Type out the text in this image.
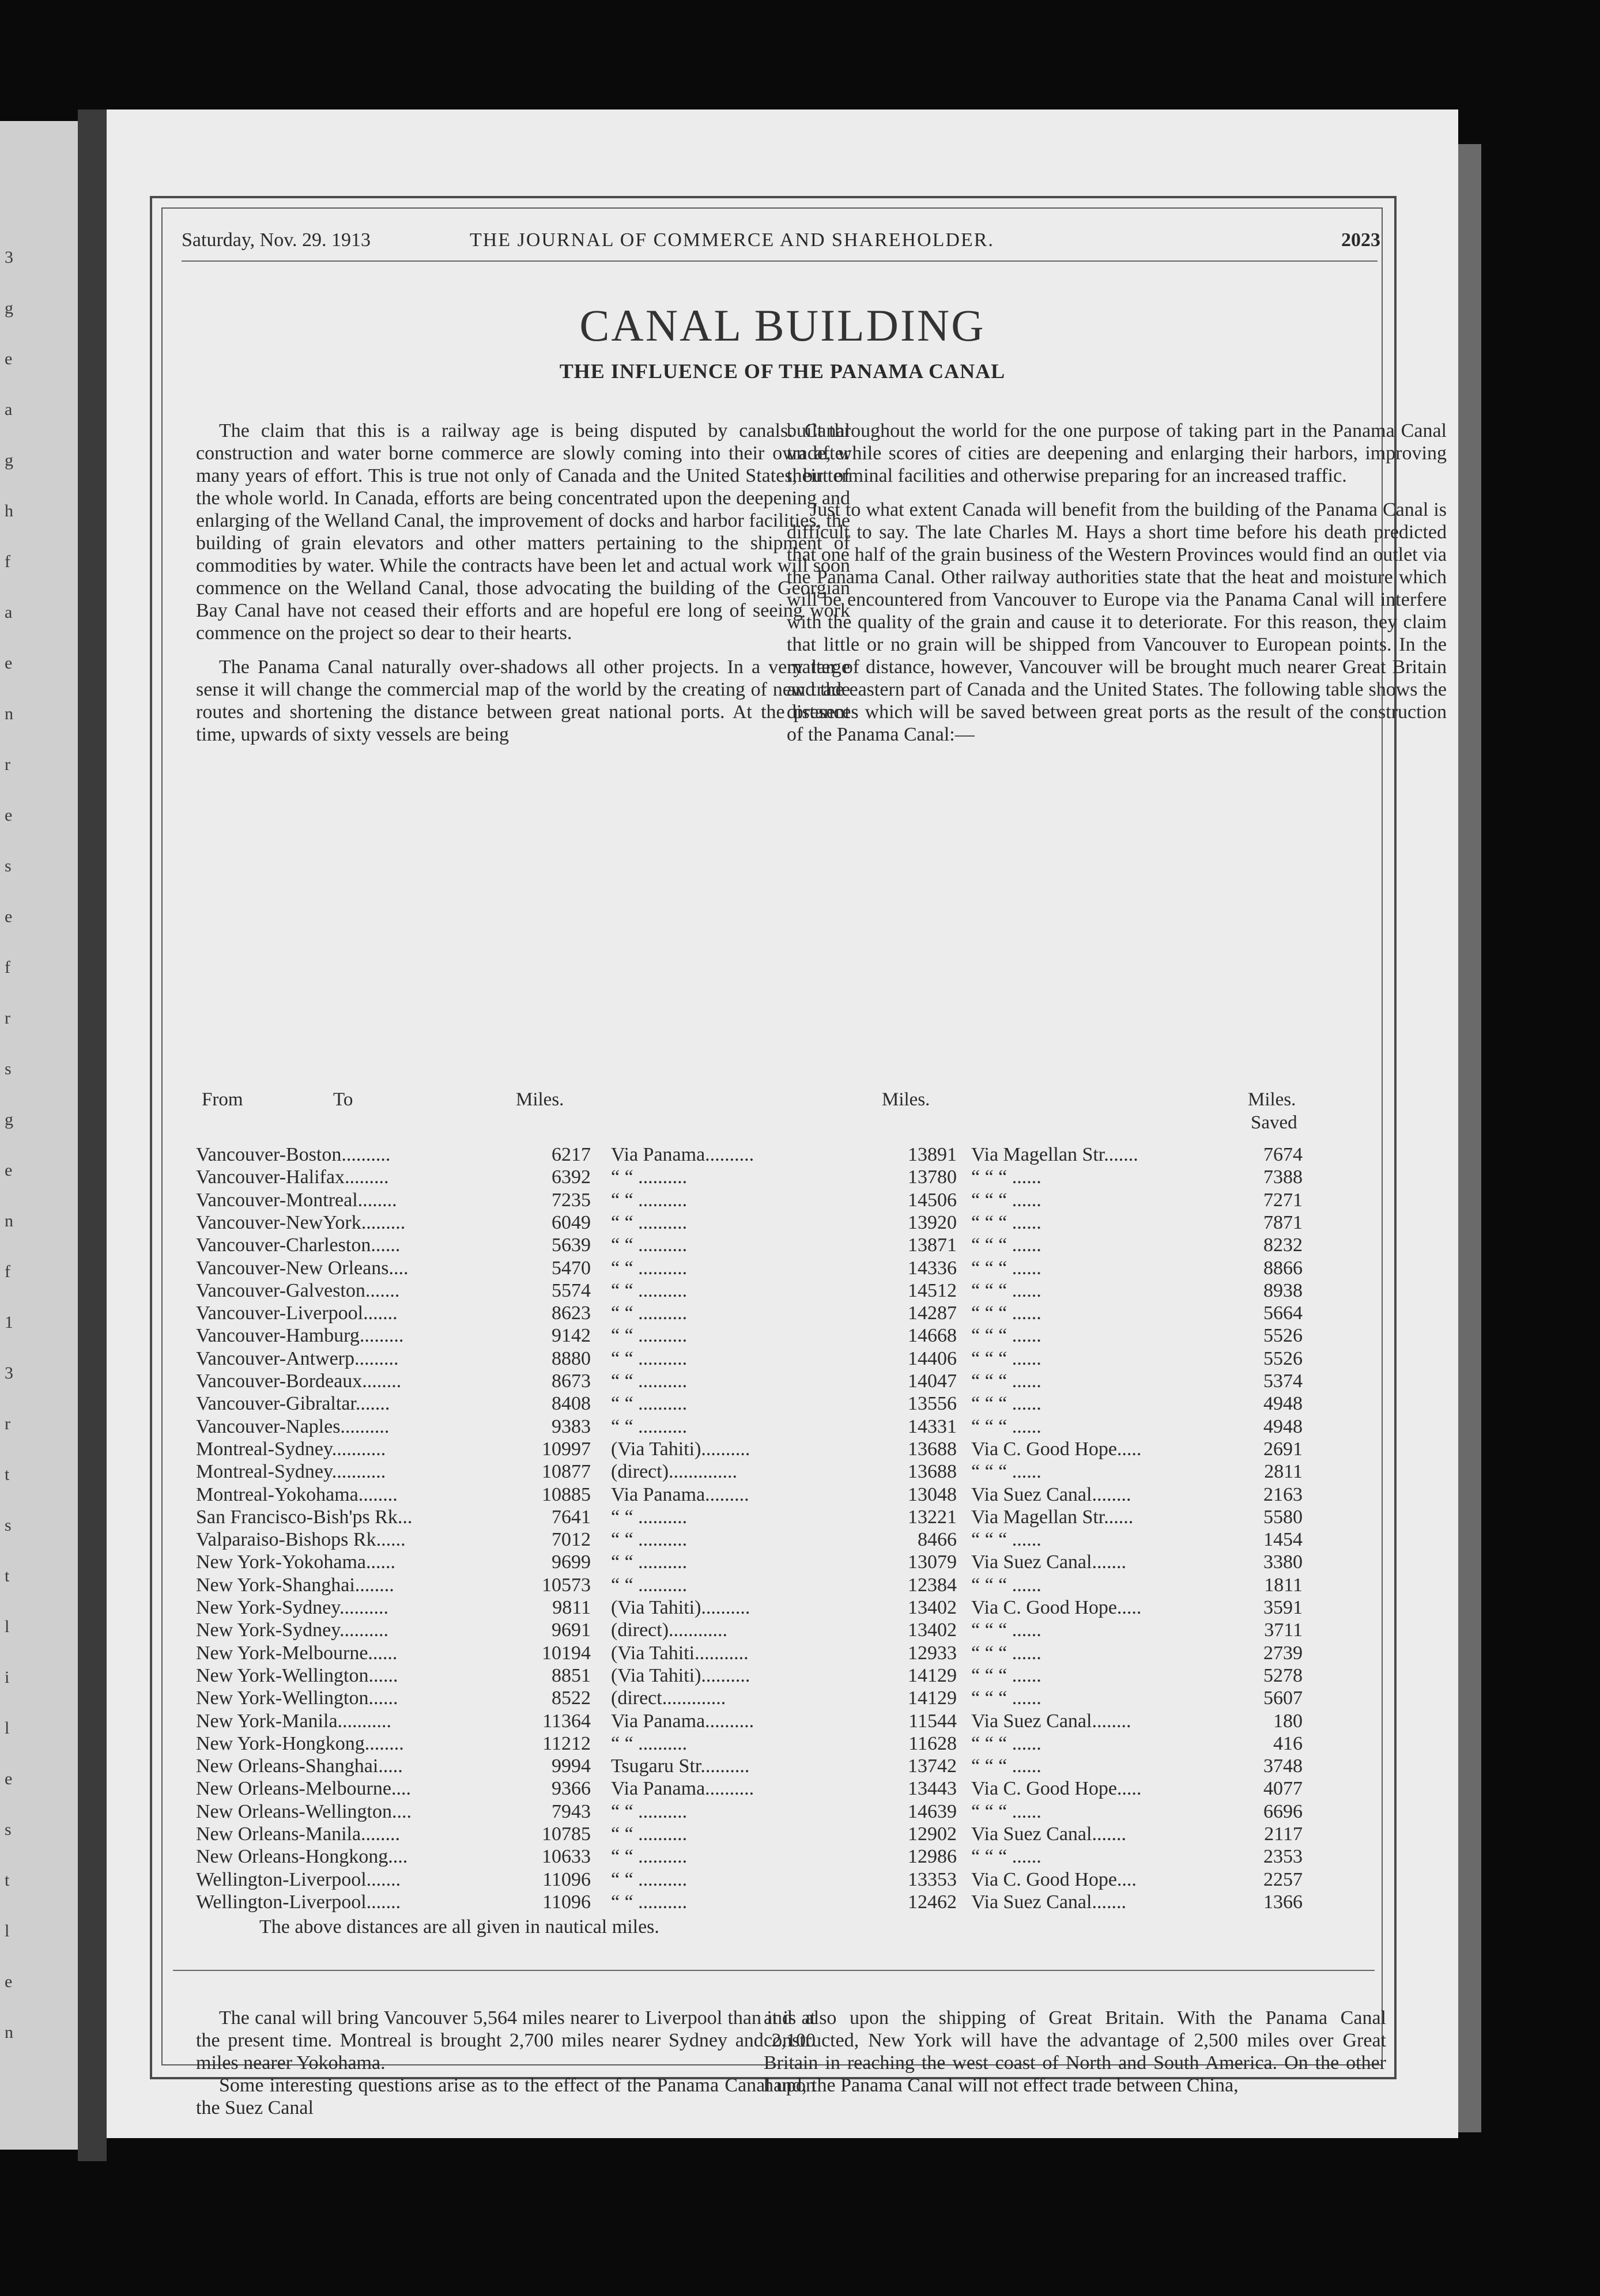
3
g
e
a
g
h
f
a
e
n
r
e
s
e
f
r
s
g
e
n
f
1
3
r
t
s
t
l
i
l
e
s
t
l
e
n
Saturday, Nov. 29. 1913	THE JOURNAL OF COMMERCE AND SHAREHOLDER.	2023
CANAL BUILDING
THE INFLUENCE OF THE PANAMA CANAL

The claim that this is a railway age is being disputed by canals. Canal construction and water borne commerce are slowly coming into their own after many years of effort. This is true not only of Canada and the United States, but of the whole world. In Canada, efforts are being concentrated upon the deepening and enlarging of the Welland Canal, the improvement of docks and harbor facilities, the building of grain elevators and other matters pertaining to the shipment of commodities by water. While the contracts have been let and actual work will soon commence on the Welland Canal, those advocating the building of the Georgian Bay Canal have not ceased their efforts and are hopeful ere long of seeing work commence on the project so dear to their hearts.

The Panama Canal naturally over-shadows all other projects. In a very large sense it will change the commercial map of the world by the creating of new trade routes and shortening the distance between great national ports. At the present time, upwards of sixty vessels are being

built throughout the world for the one purpose of taking part in the Panama Canal trade, while scores of cities are deepening and enlarging their harbors, improving their terminal facilities and otherwise preparing for an increased traffic.

Just to what extent Canada will benefit from the building of the Panama Canal is difficult to say. The late Charles M. Hays a short time before his death predicted that one half of the grain business of the Western Provinces would find an outlet via the Panama Canal. Other railway authorities state that the heat and moisture which will be encountered from Vancouver to Europe via the Panama Canal will interfere with the quality of the grain and cause it to deteriorate. For this reason, they claim that little or no grain will be shipped from Vancouver to European points. In the matter of distance, however, Vancouver will be brought much nearer Great Britain and the eastern part of Canada and the United States. The following table shows the distances which will be saved between great ports as the result of the construction of the Panama Canal:—

From	To	Miles.	Miles.	Miles.
Saved
Vancouver-Boston..........	6217 Via Panama..........	13891 Via Magellan Str.......	7674
Vancouver-Halifax.........	6392 “ “ ..........	13780 “ “ “ ......	7388
Vancouver-Montreal........	7235 “ “ ..........	14506 “ “ “ ......	7271
Vancouver-NewYork.........	6049 “ “ ..........	13920 “ “ “ ......	7871
Vancouver-Charleston......	5639 “ “ ..........	13871 “ “ “ ......	8232
Vancouver-New Orleans....	5470 “ “ ..........	14336 “ “ “ ......	8866
Vancouver-Galveston.......	5574 “ “ ..........	14512 “ “ “ ......	8938
Vancouver-Liverpool.......	8623 “ “ ..........	14287 “ “ “ ......	5664
Vancouver-Hamburg.........	9142 “ “ ..........	14668 “ “ “ ......	5526
Vancouver-Antwerp.........	8880 “ “ ..........	14406 “ “ “ ......	5526
Vancouver-Bordeaux........	8673 “ “ ..........	14047 “ “ “ ......	5374
Vancouver-Gibraltar.......	8408 “ “ ..........	13556 “ “ “ ......	4948
Vancouver-Naples..........	9383 “ “ ..........	14331 “ “ “ ......	4948
Montreal-Sydney...........	10997 (Via Tahiti)..........	13688 Via C. Good Hope.....	2691
Montreal-Sydney...........	10877 (direct)..............	13688 “ “ “ ......	2811
Montreal-Yokohama........	10885 Via Panama.........	13048 Via Suez Canal........	2163
San Francisco-Bish'ps Rk...	7641 “ “ ..........	13221 Via Magellan Str......	5580
Valparaiso-Bishops Rk......	7012 “ “ ..........	8466 “ “ “ ......	1454
New York-Yokohama......	9699 “ “ ..........	13079 Via Suez Canal.......	3380
New York-Shanghai........	10573 “ “ ..........	12384 “ “ “ ......	1811
New York-Sydney..........	9811 (Via Tahiti)..........	13402 Via C. Good Hope.....	3591
New York-Sydney..........	9691 (direct)............	13402 “ “ “ ......	3711
New York-Melbourne......	10194 (Via Tahiti...........	12933 “ “ “ ......	2739
New York-Wellington......	8851 (Via Tahiti)..........	14129 “ “ “ ......	5278
New York-Wellington......	8522 (direct.............	14129 “ “ “ ......	5607
New York-Manila...........	11364 Via Panama..........	11544 Via Suez Canal........	180
New York-Hongkong........	11212 “ “ ..........	11628 “ “ “ ......	416
New Orleans-Shanghai.....	9994 Tsugaru Str..........	13742 “ “ “ ......	3748
New Orleans-Melbourne....	9366 Via Panama..........	13443 Via C. Good Hope.....	4077
New Orleans-Wellington....	7943 “ “ ..........	14639 “ “ “ ......	6696
New Orleans-Manila........	10785 “ “ ..........	12902 Via Suez Canal.......	2117
New Orleans-Hongkong....	10633 “ “ ..........	12986 “ “ “ ......	2353
Wellington-Liverpool.......	11096 “ “ ..........	13353 Via C. Good Hope....	2257
Wellington-Liverpool.......	11096 “ “ ..........	12462 Via Suez Canal.......	1366
The above distances are all given in nautical miles.

The canal will bring Vancouver 5,564 miles nearer to Liverpool than it is at the present time. Montreal is brought 2,700 miles nearer Sydney and 2,100 miles nearer Yokohama.

Some interesting questions arise as to the effect of the Panama Canal upon the Suez Canal

and also upon the shipping of Great Britain. With the Panama Canal constructed, New York will have the advantage of 2,500 miles over Great Britain in reaching the west coast of North and South America. On the other hand, the Panama Canal will not effect trade between China,
